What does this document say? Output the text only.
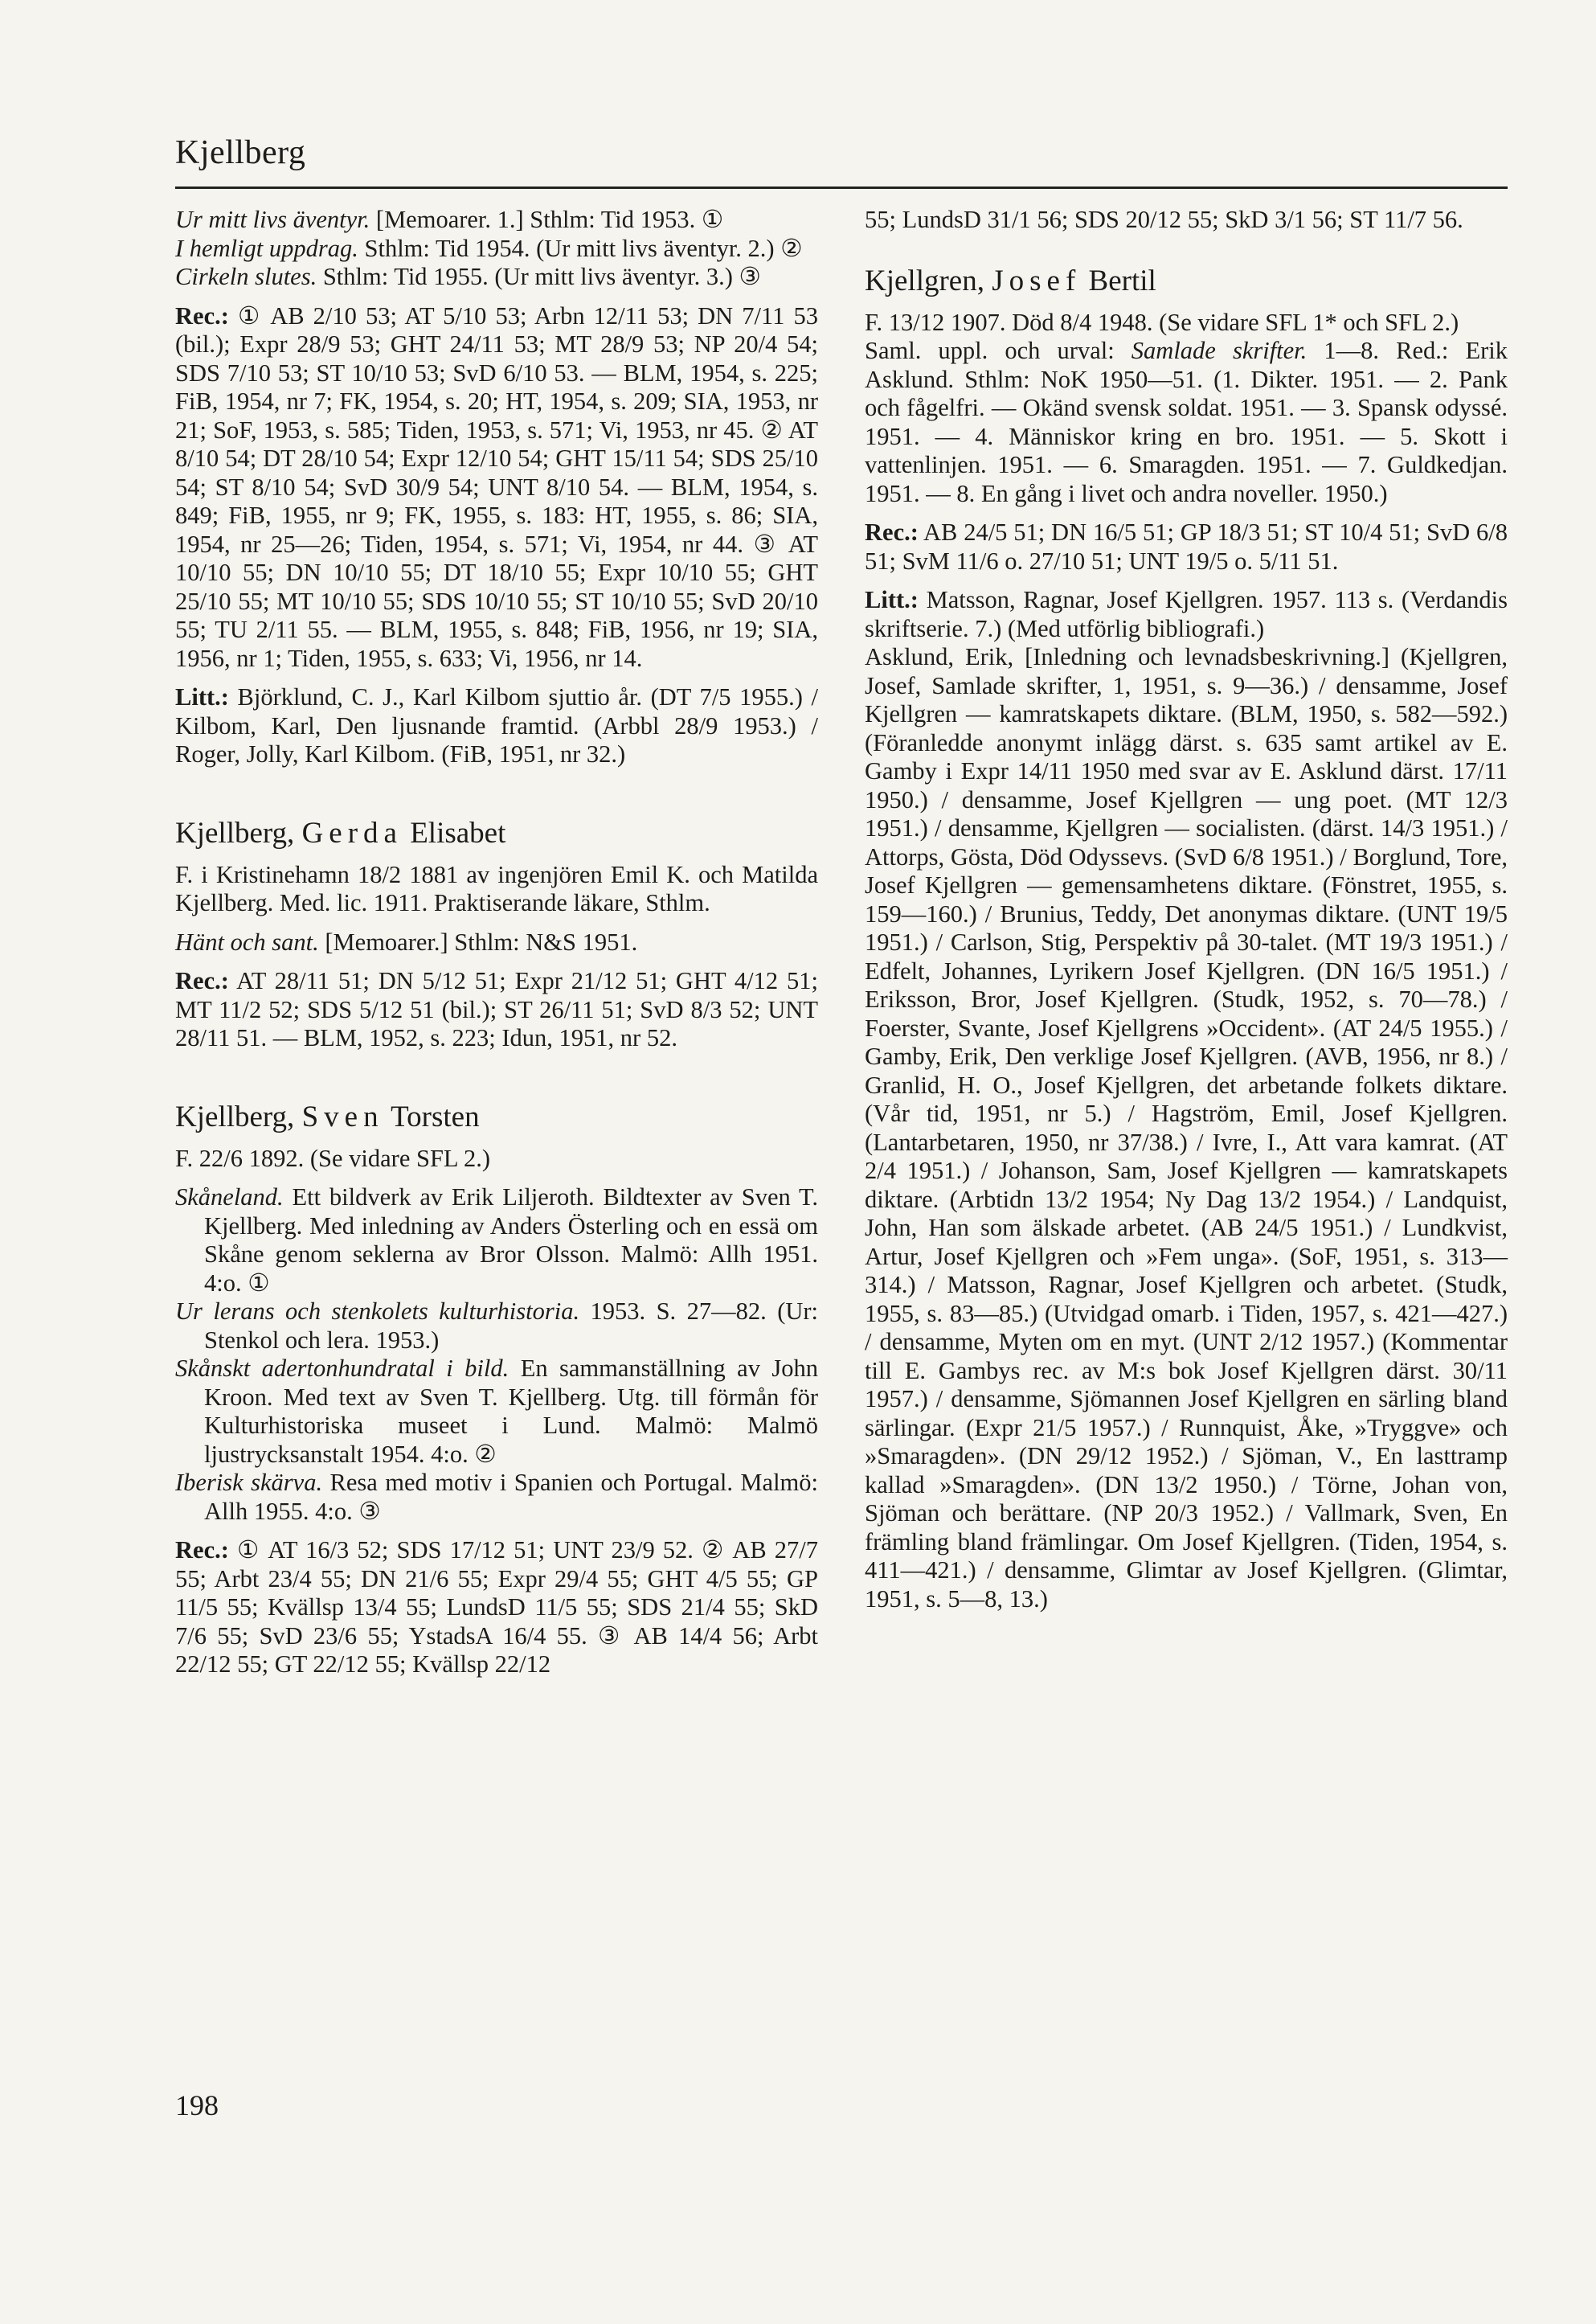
Kjellberg

Ur mitt livs äventyr. [Memoarer. 1.] Sthlm: Tid 1953. ①

I hemligt uppdrag. Sthlm: Tid 1954. (Ur mitt livs äventyr. 2.) ②

Cirkeln slutes. Sthlm: Tid 1955. (Ur mitt livs äventyr. 3.) ③

Rec.: ① AB 2/10 53; AT 5/10 53; Arbn 12/11 53; DN 7/11 53 (bil.); Expr 28/9 53; GHT 24/11 53; MT 28/9 53; NP 20/4 54; SDS 7/10 53; ST 10/10 53; SvD 6/10 53. — BLM, 1954, s. 225; FiB, 1954, nr 7; FK, 1954, s. 20; HT, 1954, s. 209; SIA, 1953, nr 21; SoF, 1953, s. 585; Tiden, 1953, s. 571; Vi, 1953, nr 45. ② AT 8/10 54; DT 28/10 54; Expr 12/10 54; GHT 15/11 54; SDS 25/10 54; ST 8/10 54; SvD 30/9 54; UNT 8/10 54. — BLM, 1954, s. 849; FiB, 1955, nr 9; FK, 1955, s. 183: HT, 1955, s. 86; SIA, 1954, nr 25—26; Tiden, 1954, s. 571; Vi, 1954, nr 44. ③ AT 10/10 55; DN 10/10 55; DT 18/10 55; Expr 10/10 55; GHT 25/10 55; MT 10/10 55; SDS 10/10 55; ST 10/10 55; SvD 20/10 55; TU 2/11 55. — BLM, 1955, s. 848; FiB, 1956, nr 19; SIA, 1956, nr 1; Tiden, 1955, s. 633; Vi, 1956, nr 14.

Litt.: Björklund, C. J., Karl Kilbom sjuttio år. (DT 7/5 1955.) / Kilbom, Karl, Den ljusnande framtid. (Arbbl 28/9 1953.) / Roger, Jolly, Karl Kilbom. (FiB, 1951, nr 32.)

Kjellberg, Gerda Elisabet

F. i Kristinehamn 18/2 1881 av ingenjören Emil K. och Matilda Kjellberg. Med. lic. 1911. Praktiserande läkare, Sthlm.

Hänt och sant. [Memoarer.] Sthlm: N&S 1951.

Rec.: AT 28/11 51; DN 5/12 51; Expr 21/12 51; GHT 4/12 51; MT 11/2 52; SDS 5/12 51 (bil.); ST 26/11 51; SvD 8/3 52; UNT 28/11 51. — BLM, 1952, s. 223; Idun, 1951, nr 52.

Kjellberg, Sven Torsten

F. 22/6 1892. (Se vidare SFL 2.)

Skåneland. Ett bildverk av Erik Liljeroth. Bildtexter av Sven T. Kjellberg. Med inledning av Anders Österling och en essä om Skåne genom seklerna av Bror Olsson. Malmö: Allh 1951. 4:o. ①

Ur lerans och stenkolets kulturhistoria. 1953. S. 27—82. (Ur: Stenkol och lera. 1953.)

Skånskt adertonhundratal i bild. En sammanställning av John Kroon. Med text av Sven T. Kjellberg. Utg. till förmån för Kulturhistoriska museet i Lund. Malmö: Malmö ljustrycksanstalt 1954. 4:o. ②

Iberisk skärva. Resa med motiv i Spanien och Portugal. Malmö: Allh 1955. 4:o. ③

Rec.: ① AT 16/3 52; SDS 17/12 51; UNT 23/9 52. ② AB 27/7 55; Arbt 23/4 55; DN 21/6 55; Expr 29/4 55; GHT 4/5 55; GP 11/5 55; Kvällsp 13/4 55; LundsD 11/5 55; SDS 21/4 55; SkD 7/6 55; SvD 23/6 55; YstadsA 16/4 55. ③ AB 14/4 56; Arbt 22/12 55; GT 22/12 55; Kvällsp 22/12

55; LundsD 31/1 56; SDS 20/12 55; SkD 3/1 56; ST 11/7 56.

Kjellgren, Josef Bertil

F. 13/12 1907. Död 8/4 1948. (Se vidare SFL 1* och SFL 2.)

Saml. uppl. och urval: Samlade skrifter. 1—8. Red.: Erik Asklund. Sthlm: NoK 1950—51. (1. Dikter. 1951. — 2. Pank och fågelfri. — Okänd svensk soldat. 1951. — 3. Spansk odyssé. 1951. — 4. Människor kring en bro. 1951. — 5. Skott i vattenlinjen. 1951. — 6. Smaragden. 1951. — 7. Guldkedjan. 1951. — 8. En gång i livet och andra noveller. 1950.)

Rec.: AB 24/5 51; DN 16/5 51; GP 18/3 51; ST 10/4 51; SvD 6/8 51; SvM 11/6 o. 27/10 51; UNT 19/5 o. 5/11 51.

Litt.: Matsson, Ragnar, Josef Kjellgren. 1957. 113 s. (Verdandis skriftserie. 7.) (Med utförlig bibliografi.)

Asklund, Erik, [Inledning och levnadsbeskrivning.] (Kjellgren, Josef, Samlade skrifter, 1, 1951, s. 9—36.) / densamme, Josef Kjellgren — kamratskapets diktare. (BLM, 1950, s. 582—592.) (Föranledde anonymt inlägg därst. s. 635 samt artikel av E. Gamby i Expr 14/11 1950 med svar av E. Asklund därst. 17/11 1950.) / densamme, Josef Kjellgren — ung poet. (MT 12/3 1951.) / densamme, Kjellgren — socialisten. (därst. 14/3 1951.) / Attorps, Gösta, Död Odyssevs. (SvD 6/8 1951.) / Borglund, Tore, Josef Kjellgren — gemensamhetens diktare. (Fönstret, 1955, s. 159—160.) / Brunius, Teddy, Det anonymas diktare. (UNT 19/5 1951.) / Carlson, Stig, Perspektiv på 30-talet. (MT 19/3 1951.) / Edfelt, Johannes, Lyrikern Josef Kjellgren. (DN 16/5 1951.) / Eriksson, Bror, Josef Kjellgren. (Studk, 1952, s. 70—78.) / Foerster, Svante, Josef Kjellgrens »Occident». (AT 24/5 1955.) / Gamby, Erik, Den verklige Josef Kjellgren. (AVB, 1956, nr 8.) / Granlid, H. O., Josef Kjellgren, det arbetande folkets diktare. (Vår tid, 1951, nr 5.) / Hagström, Emil, Josef Kjellgren. (Lantarbetaren, 1950, nr 37/38.) / Ivre, I., Att vara kamrat. (AT 2/4 1951.) / Johanson, Sam, Josef Kjellgren — kamratskapets diktare. (Arbtidn 13/2 1954; Ny Dag 13/2 1954.) / Landquist, John, Han som älskade arbetet. (AB 24/5 1951.) / Lundkvist, Artur, Josef Kjellgren och »Fem unga». (SoF, 1951, s. 313—314.) / Matsson, Ragnar, Josef Kjellgren och arbetet. (Studk, 1955, s. 83—85.) (Utvidgad omarb. i Tiden, 1957, s. 421—427.) / densamme, Myten om en myt. (UNT 2/12 1957.) (Kommentar till E. Gambys rec. av M:s bok Josef Kjellgren därst. 30/11 1957.) / densamme, Sjömannen Josef Kjellgren en särling bland särlingar. (Expr 21/5 1957.) / Runnquist, Åke, »Tryggve» och »Smaragden». (DN 29/12 1952.) / Sjöman, V., En lasttramp kallad »Smaragden». (DN 13/2 1950.) / Törne, Johan von, Sjöman och berättare. (NP 20/3 1952.) / Vallmark, Sven, En främling bland främlingar. Om Josef Kjellgren. (Tiden, 1954, s. 411—421.) / densamme, Glimtar av Josef Kjellgren. (Glimtar, 1951, s. 5—8, 13.)

198
